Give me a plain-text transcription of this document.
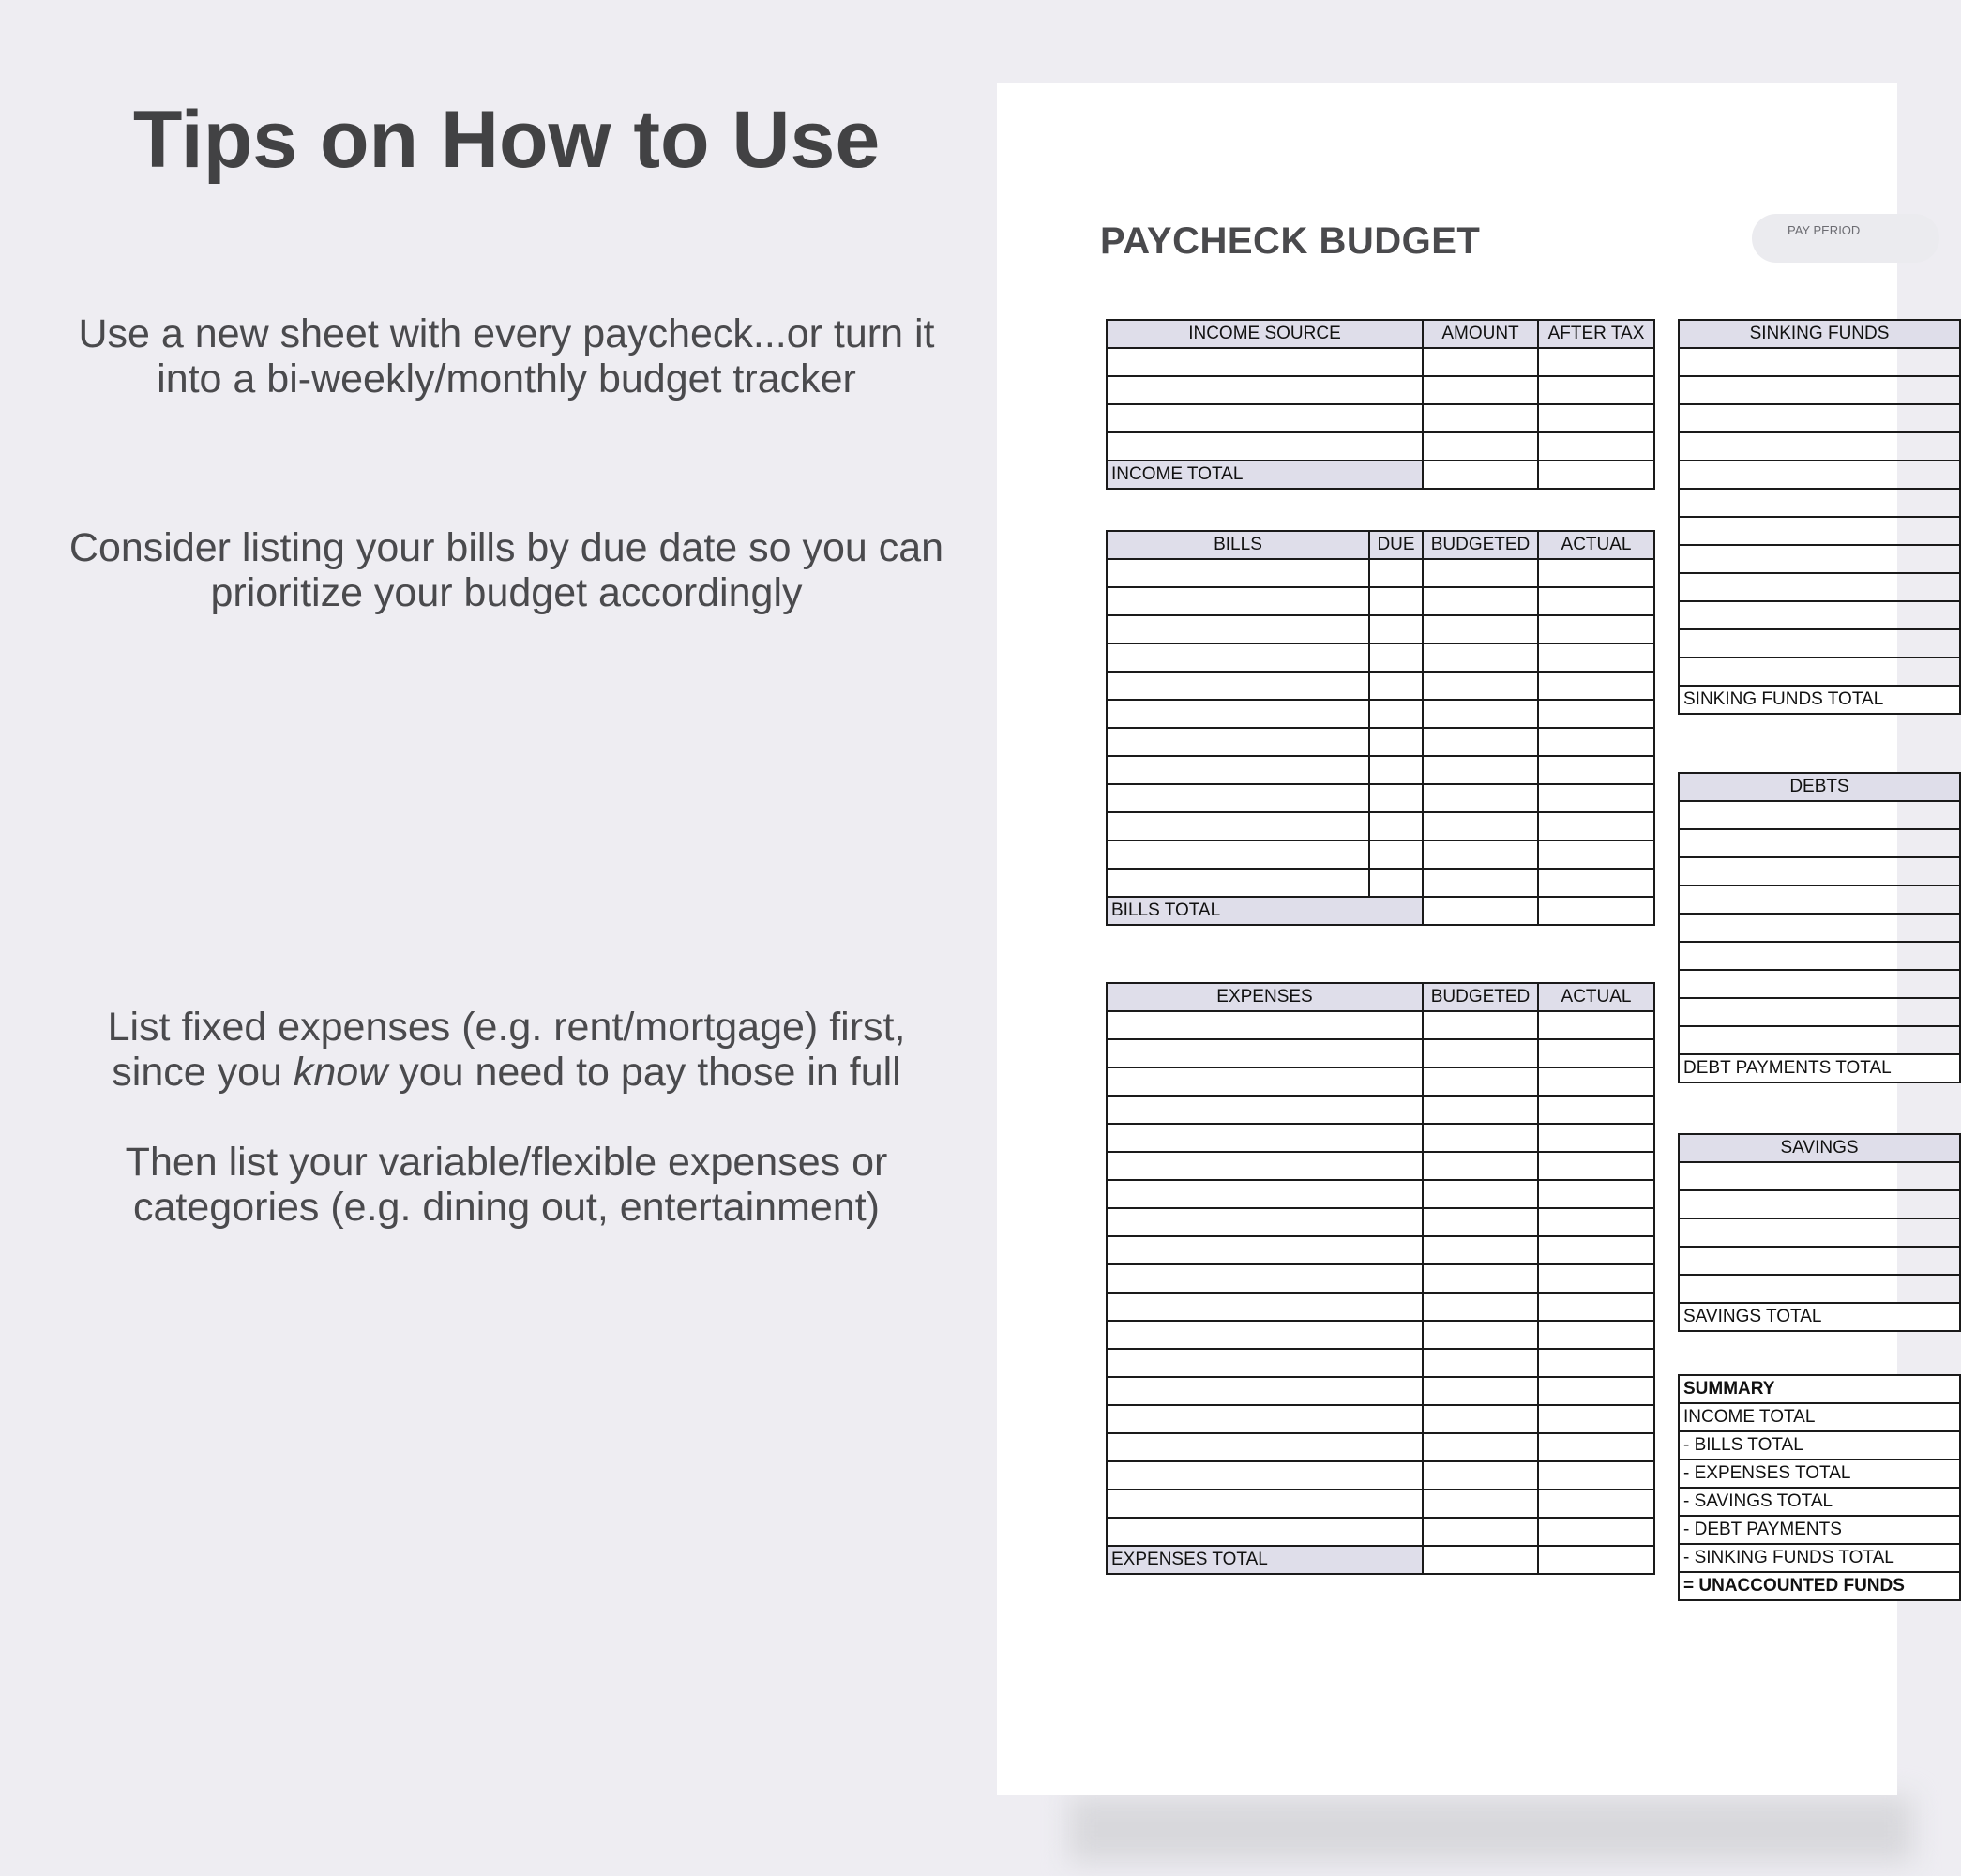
Tips on How to Use
Use a new sheet with every paycheck...or turn it
into a bi-weekly/monthly budget tracker
Consider listing your bills by due date so you can
prioritize your budget accordingly
List fixed expenses (e.g. rent/mortgage) first,
since you know you need to pay those in full
Then list your variable/flexible expenses or
categories (e.g. dining out, entertainment)
PAYCHECK BUDGET	PAY PERIOD
INCOME SOURCE	AMOUNT	AFTER TAX

INCOME TOTAL		
BILLS	DUE	BUDGETED	ACTUAL

BILLS TOTAL			
EXPENSES	BUDGETED	ACTUAL

EXPENSES TOTAL		
SINKING FUNDS

SINKING FUNDS TOTAL
DEBTS

DEBT PAYMENTS TOTAL
SAVINGS

SAVINGS TOTAL
SUMMARY
INCOME TOTAL
- BILLS TOTAL
- EXPENSES TOTAL
- SAVINGS TOTAL
- DEBT PAYMENTS
- SINKING FUNDS TOTAL
= UNACCOUNTED FUNDS
